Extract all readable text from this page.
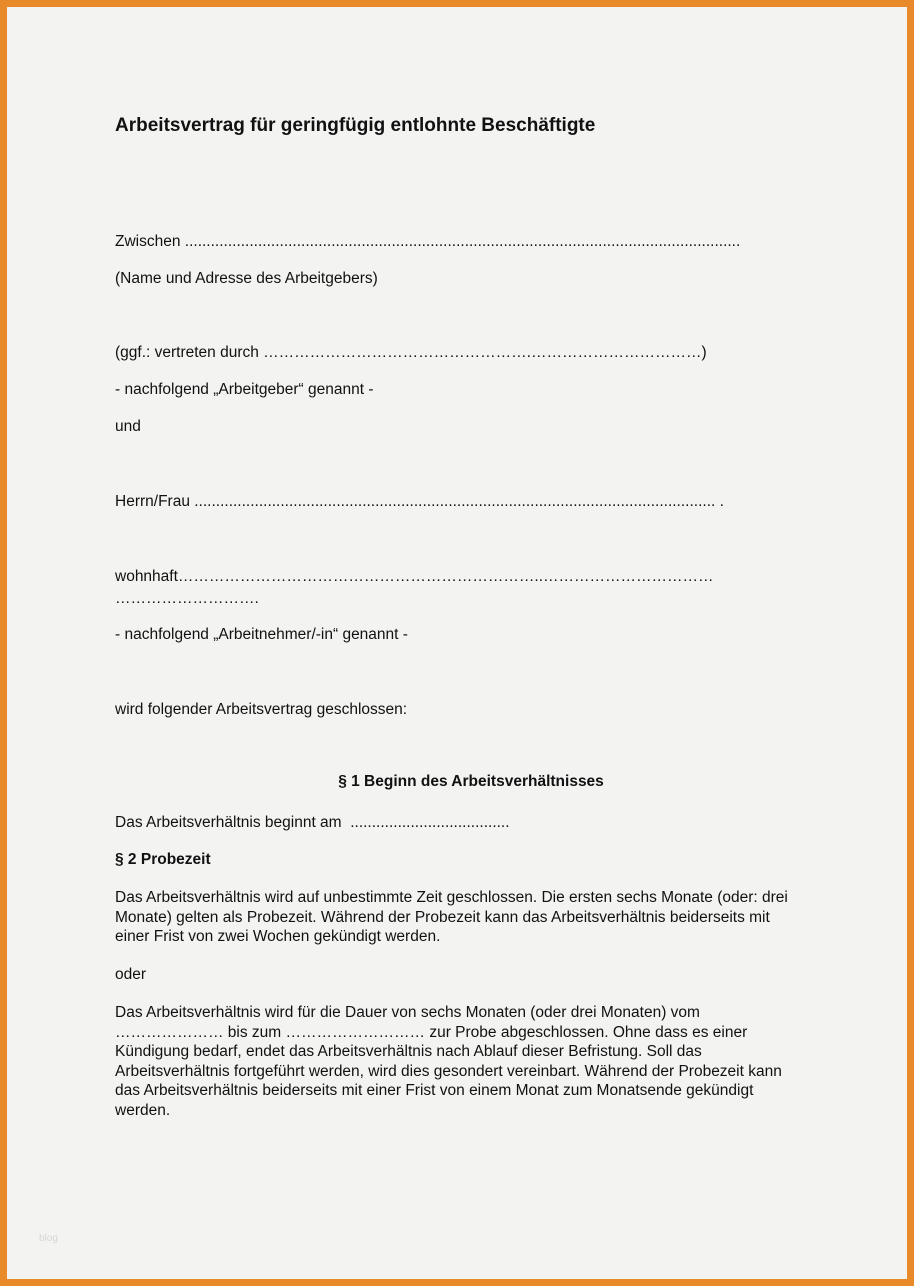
Arbeitsvertrag für geringfügig entlohnte Beschäftigte
Zwischen .................................................................................................................................
(Name und Adresse des Arbeitgebers)
(ggf.: vertreten durch …………………………………………….……………………………)
- nachfolgend „Arbeitgeber“ genannt -
und
Herrn/Frau ......................................................................................................................... .
wohnhaft……………………………………………………………..……………………………
……………………….
- nachfolgend „Arbeitnehmer/-in“ genannt -
wird folgender Arbeitsvertrag geschlossen:
§ 1 Beginn des Arbeitsverhältnisses
Das Arbeitsverhältnis beginnt am  .....................................
§ 2 Probezeit
Das Arbeitsverhältnis wird auf unbestimmte Zeit geschlossen. Die ersten sechs Monate (oder: drei Monate) gelten als Probezeit. Während der Probezeit kann das Arbeitsverhältnis beiderseits mit einer Frist von zwei Wochen gekündigt werden.
oder
Das Arbeitsverhältnis wird für die Dauer von sechs Monaten (oder drei Monaten) vom ………………… bis zum ……………………… zur Probe abgeschlossen. Ohne dass es einer Kündigung bedarf, endet das Arbeitsverhältnis nach Ablauf dieser Befristung. Soll das Arbeitsverhältnis fortgeführt werden, wird dies gesondert vereinbart. Während der Probezeit kann das Arbeitsverhältnis beiderseits mit einer Frist von einem Monat zum Monatsende gekündigt werden.
blog
